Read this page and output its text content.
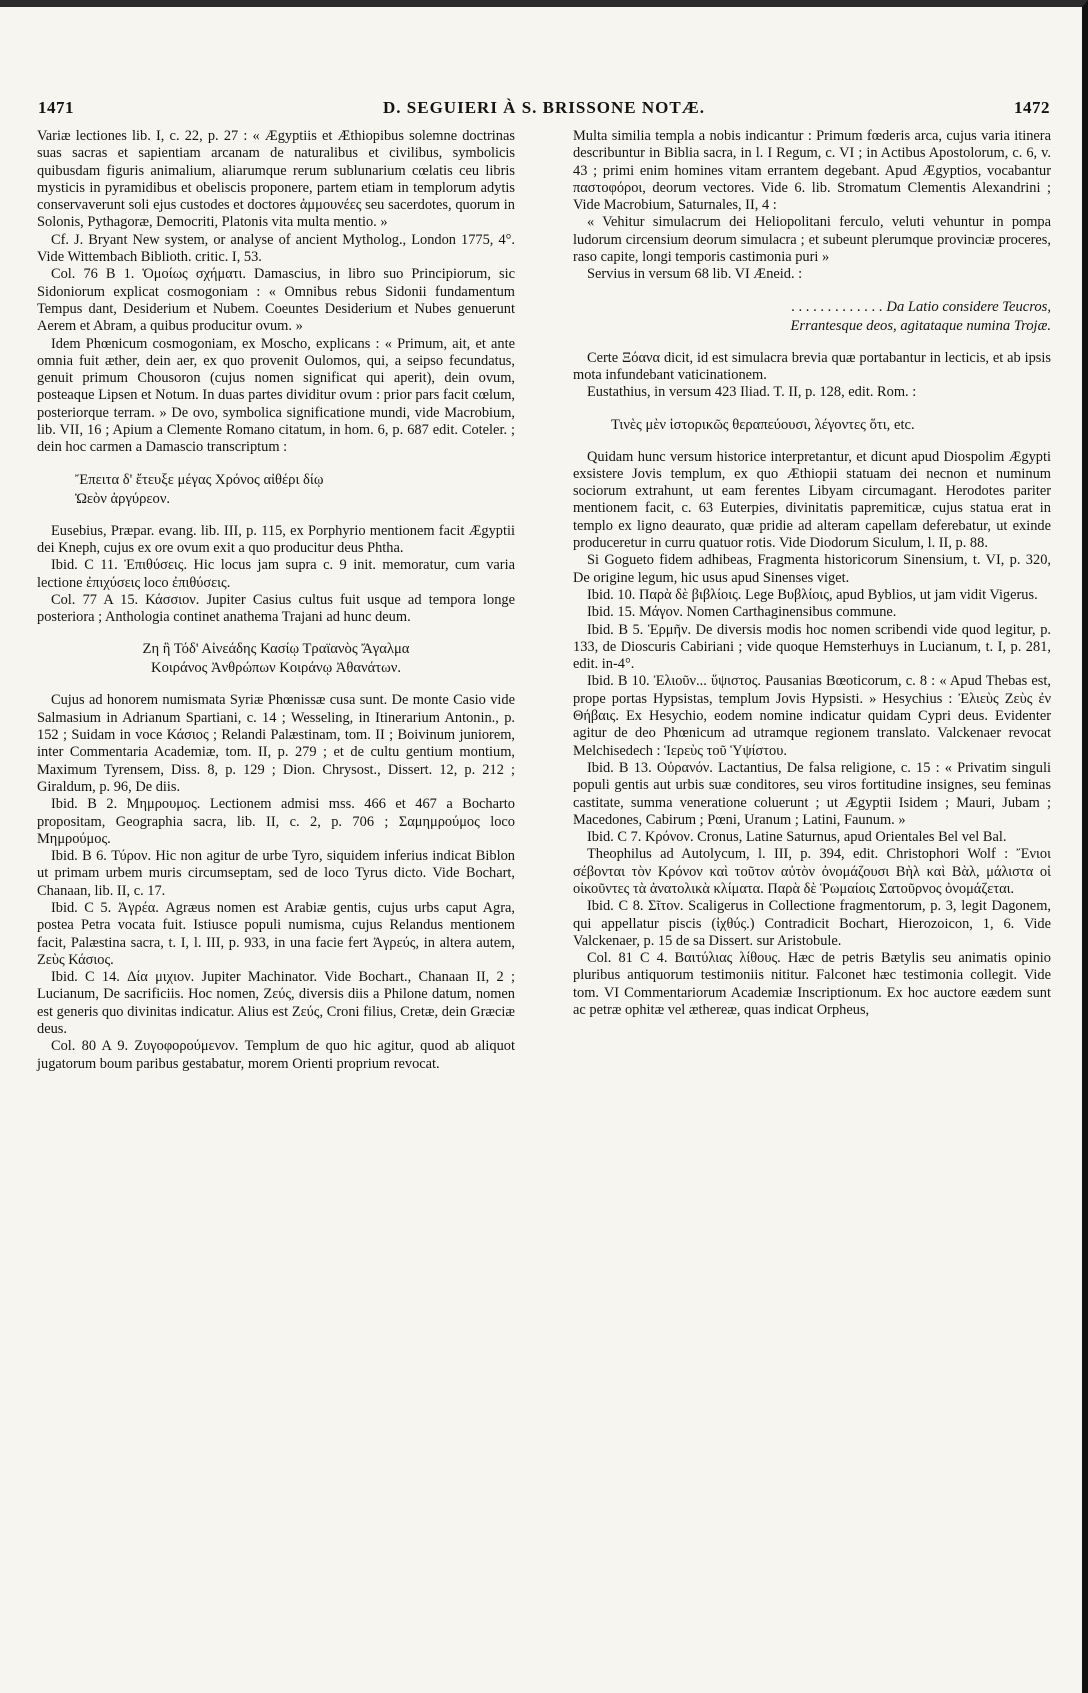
1471	D. SEGUIERI À S. BRISSONE NOTÆ.	1472

Variæ lectiones lib. I, c. 22, p. 27 : « Ægyptiis et Æthiopibus solemne doctrinas suas sacras et sapientiam arcanam de naturalibus et civilibus, symbolicis quibusdam figuris animalium, aliarumque rerum sublunarium cœlatis ceu libris mysticis in pyramidibus et obeliscis proponere, partem etiam in templorum adytis conservaverunt soli ejus custodes et doctores ἀμμουνέες seu sacerdotes, quorum in Solonis, Pythagoræ, Democriti, Platonis vita multa mentio. »

Cf. J. Bryant New system, or analyse of ancient Mytholog., London 1775, 4°. Vide Wittembach Biblioth. critic. I, 53.

Col. 76 B 1. Ὁμοίως σχήματι. Damascius, in libro suo Principiorum, sic Sidoniorum explicat cosmogoniam : « Omnibus rebus Sidonii fundamentum Tempus dant, Desiderium et Nubem. Coeuntes Desiderium et Nubes genuerunt Aerem et Abram, a quibus producitur ovum. »

Idem Phœnicum cosmogoniam, ex Moscho, explicans : « Primum, ait, et ante omnia fuit æther, dein aer, ex quo provenit Oulomos, qui, a seipso fecundatus, genuit primum Chousoron (cujus nomen significat qui aperit), dein ovum, posteaque Lipsen et Notum. In duas partes dividitur ovum : prior pars facit cœlum, posteriorque terram. » De ovo, symbolica significatione mundi, vide Macrobium, lib. VII, 16 ; Apium a Clemente Romano citatum, in hom. 6, p. 687 edit. Coteler. ; dein hoc carmen a Damascio transcriptum :

Ἔπειτα δ' ἔτευξε μέγας Χρόνος αἰθέρι δίῳ
Ὠεὸν ἀργύρεον.

Eusebius, Præpar. evang. lib. III, p. 115, ex Porphyrio mentionem facit Ægyptii dei Kneph, cujus ex ore ovum exit a quo producitur deus Phtha.

Ibid. C 11. Ἐπιθύσεις. Hic locus jam supra c. 9 init. memoratur, cum varia lectione ἐπιχύσεις loco ἐπιθύσεις.

Col. 77 A 15. Κάσσιον. Jupiter Casius cultus fuit usque ad tempora longe posteriora ; Anthologia continet anathema Trajani ad hunc deum.

Ζη ἣ Τόδ' Αἰνεάδης Κασίῳ Τραϊανὸς Ἄγαλμα
Κοιράνος Ἀνθρώπων Κοιράνῳ Ἀθανάτων.

Cujus ad honorem numismata Syriæ Phœnissæ cusa sunt. De monte Casio vide Salmasium in Adrianum Spartiani, c. 14 ; Wesseling, in Itinerarium Antonin., p. 152 ; Suidam in voce Κάσιος ; Relandi Palæstinam, tom. II ; Boivinum juniorem, inter Commentaria Academiæ, tom. II, p. 279 ; et de cultu gentium montium, Maximum Tyrensem, Diss. 8, p. 129 ; Dion. Chrysost., Dissert. 12, p. 212 ; Giraldum, p. 96, De diis.

Ibid. B 2. Μημρουμος. Lectionem admisi mss. 466 et 467 a Bocharto propositam, Geographia sacra, lib. II, c. 2, p. 706 ; Σαμημρούμος loco Μημρούμος.

Ibid. B 6. Τύρον. Hic non agitur de urbe Tyro, siquidem inferius indicat Biblon ut primam urbem muris circumseptam, sed de loco Tyrus dicto. Vide Bochart, Chanaan, lib. II, c. 17.

Ibid. C 5. Ἀγρέα. Agræus nomen est Arabiæ gentis, cujus urbs caput Agra, postea Petra vocata fuit. Istiusce populi numisma, cujus Relandus mentionem facit, Palæstina sacra, t. I, l. III, p. 933, in una facie fert Ἀγρεύς, in altera autem, Ζεὺς Κάσιος.

Ibid. C 14. Δία μιχιον. Jupiter Machinator. Vide Bochart., Chanaan II, 2 ; Lucianum, De sacrificiis. Hoc nomen, Ζεύς, diversis diis a Philone datum, nomen est generis quo divinitas indicatur. Alius est Ζεύς, Croni filius, Cretæ, dein Græciæ deus.

Col. 80 A 9. Ζυγοφορούμενον. Templum de quo hic agitur, quod ab aliquot jugatorum boum paribus gestabatur, morem Orienti proprium revocat.

Multa similia templa a nobis indicantur : Primum fœderis arca, cujus varia itinera describuntur in Biblia sacra, in l. I Regum, c. VI ; in Actibus Apostolorum, c. 6, v. 43 ; primi enim homines vitam errantem degebant. Apud Ægyptios, vocabantur παστοφόροι, deorum vectores. Vide 6. lib. Stromatum Clementis Alexandrini ; Vide Macrobium, Saturnales, II, 4 :

« Vehitur simulacrum dei Heliopolitani ferculo, veluti vehuntur in pompa ludorum circensium deorum simulacra ; et subeunt plerumque provinciæ proceres, raso capite, longi temporis castimonia puri »

Servius in versum 68 lib. VI Æneid. :

. . . . . . . . . . . . . Da Latio considere Teucros,
Errantesque deos, agitataque numina Trojæ.

Certe Ξόανα dicit, id est simulacra brevia quæ portabantur in lecticis, et ab ipsis mota infundebant vaticinationem.

Eustathius, in versum 423 Iliad. T. II, p. 128, edit. Rom. :

Τινὲς μὲν ἱστορικῶς θεραπεύουσι, λέγοντες ὅτι, etc.

Quidam hunc versum historice interpretantur, et dicunt apud Diospolim Ægypti exsistere Jovis templum, ex quo Æthiopii statuam dei necnon et numinum sociorum extrahunt, ut eam ferentes Libyam circumagant. Herodotes pariter mentionem facit, c. 63 Euterpies, divinitatis papremiticæ, cujus statua erat in templo ex ligno deaurato, quæ pridie ad alteram capellam deferebatur, ut exinde produceretur in curru quatuor rotis. Vide Diodorum Siculum, l. II, p. 88.

Si Gogueto fidem adhibeas, Fragmenta historicorum Sinensium, t. VI, p. 320, De origine legum, hic usus apud Sinenses viget.

Ibid. 10. Παρὰ δὲ βιβλίοις. Lege Βυβλίοις, apud Byblios, ut jam vidit Vigerus.

Ibid. 15. Μάγον. Nomen Carthaginensibus commune.

Ibid. B 5. Ἑρμῆν. De diversis modis hoc nomen scribendi vide quod legitur, p. 133, de Dioscuris Cabiriani ; vide quoque Hemsterhuys in Lucianum, t. I, p. 281, edit. in-4°.

Ibid. B 10. Ἐλιοῦν... ὕψιστος. Pausanias Bœoticorum, c. 8 : « Apud Thebas est, prope portas Hypsistas, templum Jovis Hypsisti. » Hesychius : Ἐλιεὺς Ζεὺς ἐν Θήβαις. Ex Hesychio, eodem nomine indicatur quidam Cypri deus. Evidenter agitur de deo Phœnicum ad utramque regionem translato. Valckenaer revocat Melchisedech : Ἱερεὺς τοῦ Ὑψίστου.

Ibid. B 13. Οὐρανόν. Lactantius, De falsa religione, c. 15 : « Privatim singuli populi gentis aut urbis suæ conditores, seu viros fortitudine insignes, seu feminas castitate, summa veneratione coluerunt ; ut Ægyptii Isidem ; Mauri, Jubam ; Macedones, Cabirum ; Pœni, Uranum ; Latini, Faunum. »

Ibid. C 7. Κρόνον. Cronus, Latine Saturnus, apud Orientales Bel vel Bal.

Theophilus ad Autolycum, l. III, p. 394, edit. Christophori Wolf : Ἔνιοι σέβονται τὸν Κρόνον καὶ τοῦτον αὐτὸν ὀνομάζουσι Βὴλ καὶ Βὰλ, μάλιστα οἱ οἰκοῦντες τὰ ἀνατολικὰ κλίματα. Παρὰ δὲ Ῥωμαίοις Σατοῦρνος ὀνομάζεται.

Ibid. C 8. Σῖτον. Scaligerus in Collectione fragmentorum, p. 3, legit Dagonem, qui appellatur piscis (ἰχθύς.) Contradicit Bochart, Hierozoicon, 1, 6. Vide Valckenaer, p. 15 de sa Dissert. sur Aristobule.

Col. 81 C 4. Βαιτύλιας λίθους. Hæc de petris Bætylis seu animatis opinio pluribus antiquorum testimoniis nititur. Falconet hæc testimonia collegit. Vide tom. VI Commentariorum Academiæ Inscriptionum. Ex hoc auctore eædem sunt ac petræ ophitæ vel æthereæ, quas indicat Orpheus,
